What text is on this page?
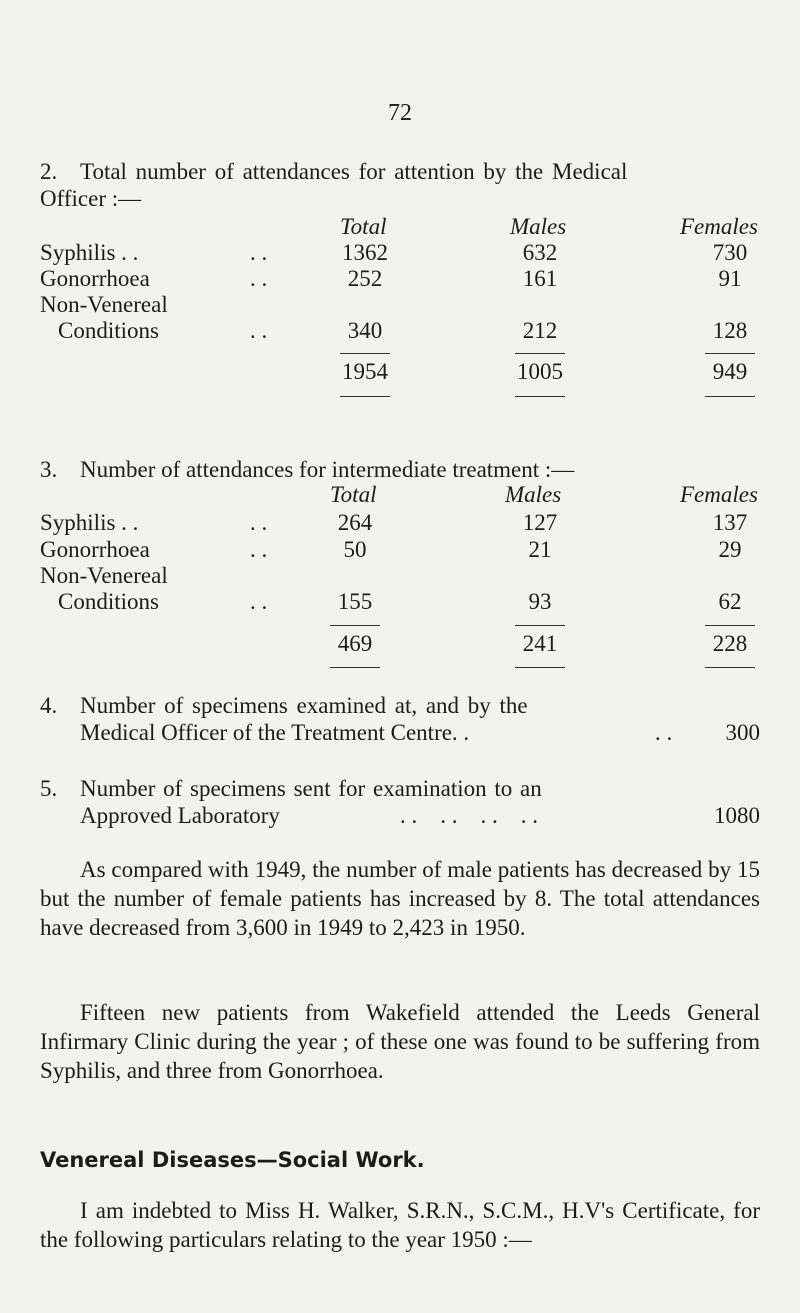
72
2. Total number of attendances for attention by the Medical
Officer :—
Total	Males	Females
Syphilis . .	. .	1362	632	730
Gonorrhoea	. .	252	161	91
Non-Venereal
Conditions	. .	340	212	128
1954	1005	949
3. Number of attendances for intermediate treatment :—
Total	Males	Females
Syphilis . .	. .	264	127	137
Gonorrhoea	. .	50	21	29
Non-Venereal
Conditions	. .	155	93	62
469	241	228
4. Number of specimens examined at, and by the
Medical Officer of the Treatment Centre. .	. .	300
5. Number of specimens sent for examination to an
Approved Laboratory	. .    . .    . .    . .	1080
As compared with 1949, the number of male patients has decreased by 15 but the number of female patients has increased by 8. The total attendances have decreased from 3,600 in 1949 to 2,423 in 1950.
Fifteen new patients from Wakefield attended the Leeds General Infirmary Clinic during the year ; of these one was found to be suffering from Syphilis, and three from Gonorrhoea.
Venereal Diseases—Social Work.
I am indebted to Miss H. Walker, S.R.N., S.C.M., H.V's Certificate, for the following particulars relating to the year 1950 :—
